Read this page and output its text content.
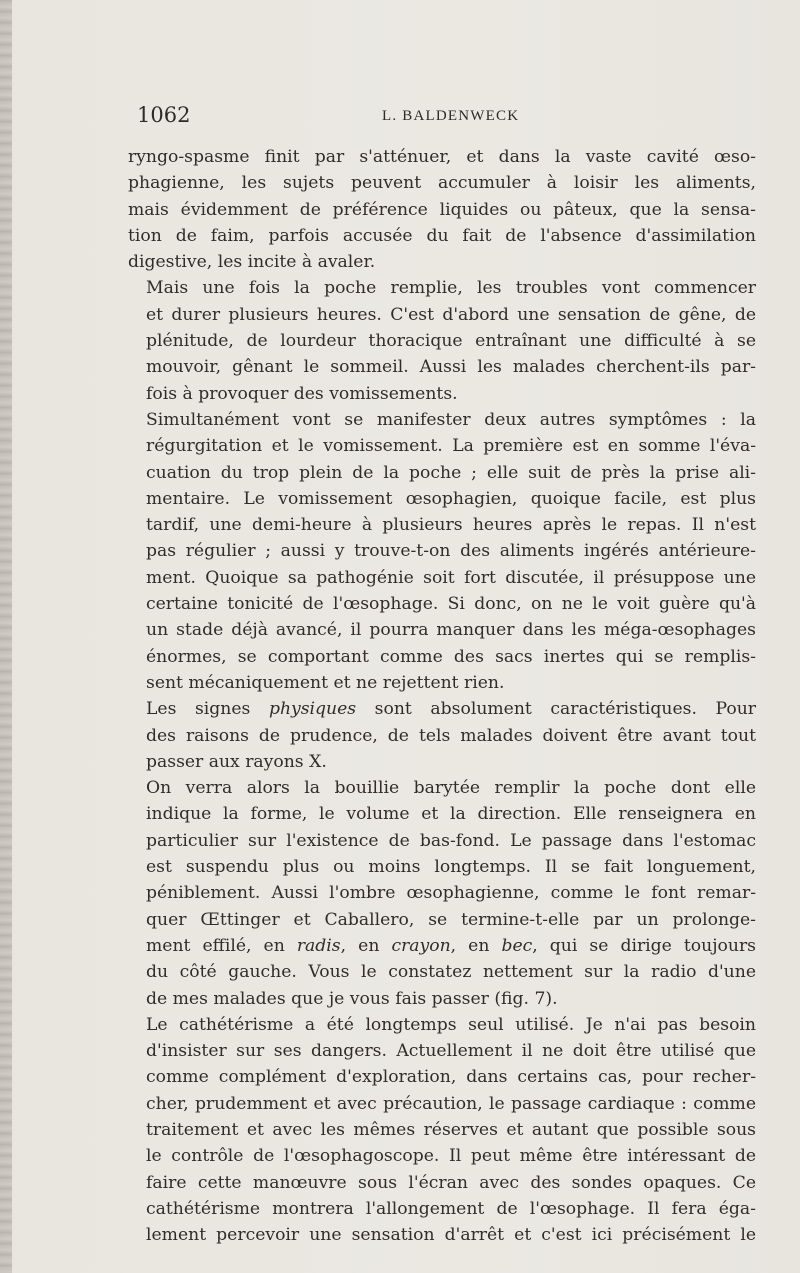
1062	L. BALDENWECK

ryngo-spasme finit par s'atténuer, et dans la vaste cavité œso-
phagienne, les sujets peuvent accumuler à loisir les aliments,
mais évidemment de préférence liquides ou pâteux, que la sensa-
tion de faim, parfois accusée du fait de l'absence d'assimilation
digestive, les incite à avaler.

Mais une fois la poche remplie, les troubles vont commencer
et durer plusieurs heures. C'est d'abord une sensation de gêne, de
plénitude, de lourdeur thoracique entraînant une difficulté à se
mouvoir, gênant le sommeil. Aussi les malades cherchent-ils par-
fois à provoquer des vomissements.

Simultanément vont se manifester deux autres symptômes : la
régurgitation et le vomissement. La première est en somme l'éva-
cuation du trop plein de la poche ; elle suit de près la prise ali-
mentaire. Le vomissement œsophagien, quoique facile, est plus
tardif, une demi-heure à plusieurs heures après le repas. Il n'est
pas régulier ; aussi y trouve-t-on des aliments ingérés antérieure-
ment. Quoique sa pathogénie soit fort discutée, il présuppose une
certaine tonicité de l'œsophage. Si donc, on ne le voit guère qu'à
un stade déjà avancé, il pourra manquer dans les méga-œsophages
énormes, se comportant comme des sacs inertes qui se remplis-
sent mécaniquement et ne rejettent rien.

Les signes physiques sont absolument caractéristiques. Pour
des raisons de prudence, de tels malades doivent être avant tout
passer aux rayons X.

On verra alors la bouillie barytée remplir la poche dont elle
indique la forme, le volume et la direction. Elle renseignera en
particulier sur l'existence de bas-fond. Le passage dans l'estomac
est suspendu plus ou moins longtemps. Il se fait longuement,
péniblement. Aussi l'ombre œsophagienne, comme le font remar-
quer Œttinger et Caballero, se termine-t-elle par un prolonge-
ment effilé, en radis, en crayon, en bec, qui se dirige toujours
du côté gauche. Vous le constatez nettement sur la radio d'une
de mes malades que je vous fais passer (fig. 7).

Le cathétérisme a été longtemps seul utilisé. Je n'ai pas besoin
d'insister sur ses dangers. Actuellement il ne doit être utilisé que
comme complément d'exploration, dans certains cas, pour recher-
cher, prudemment et avec précaution, le passage cardiaque : comme
traitement et avec les mêmes réserves et autant que possible sous
le contrôle de l'œsophagoscope. Il peut même être intéressant de
faire cette manœuvre sous l'écran avec des sondes opaques. Ce
cathétérisme montrera l'allongement de l'œsophage. Il fera éga-
lement percevoir une sensation d'arrêt et c'est ici précisément le
